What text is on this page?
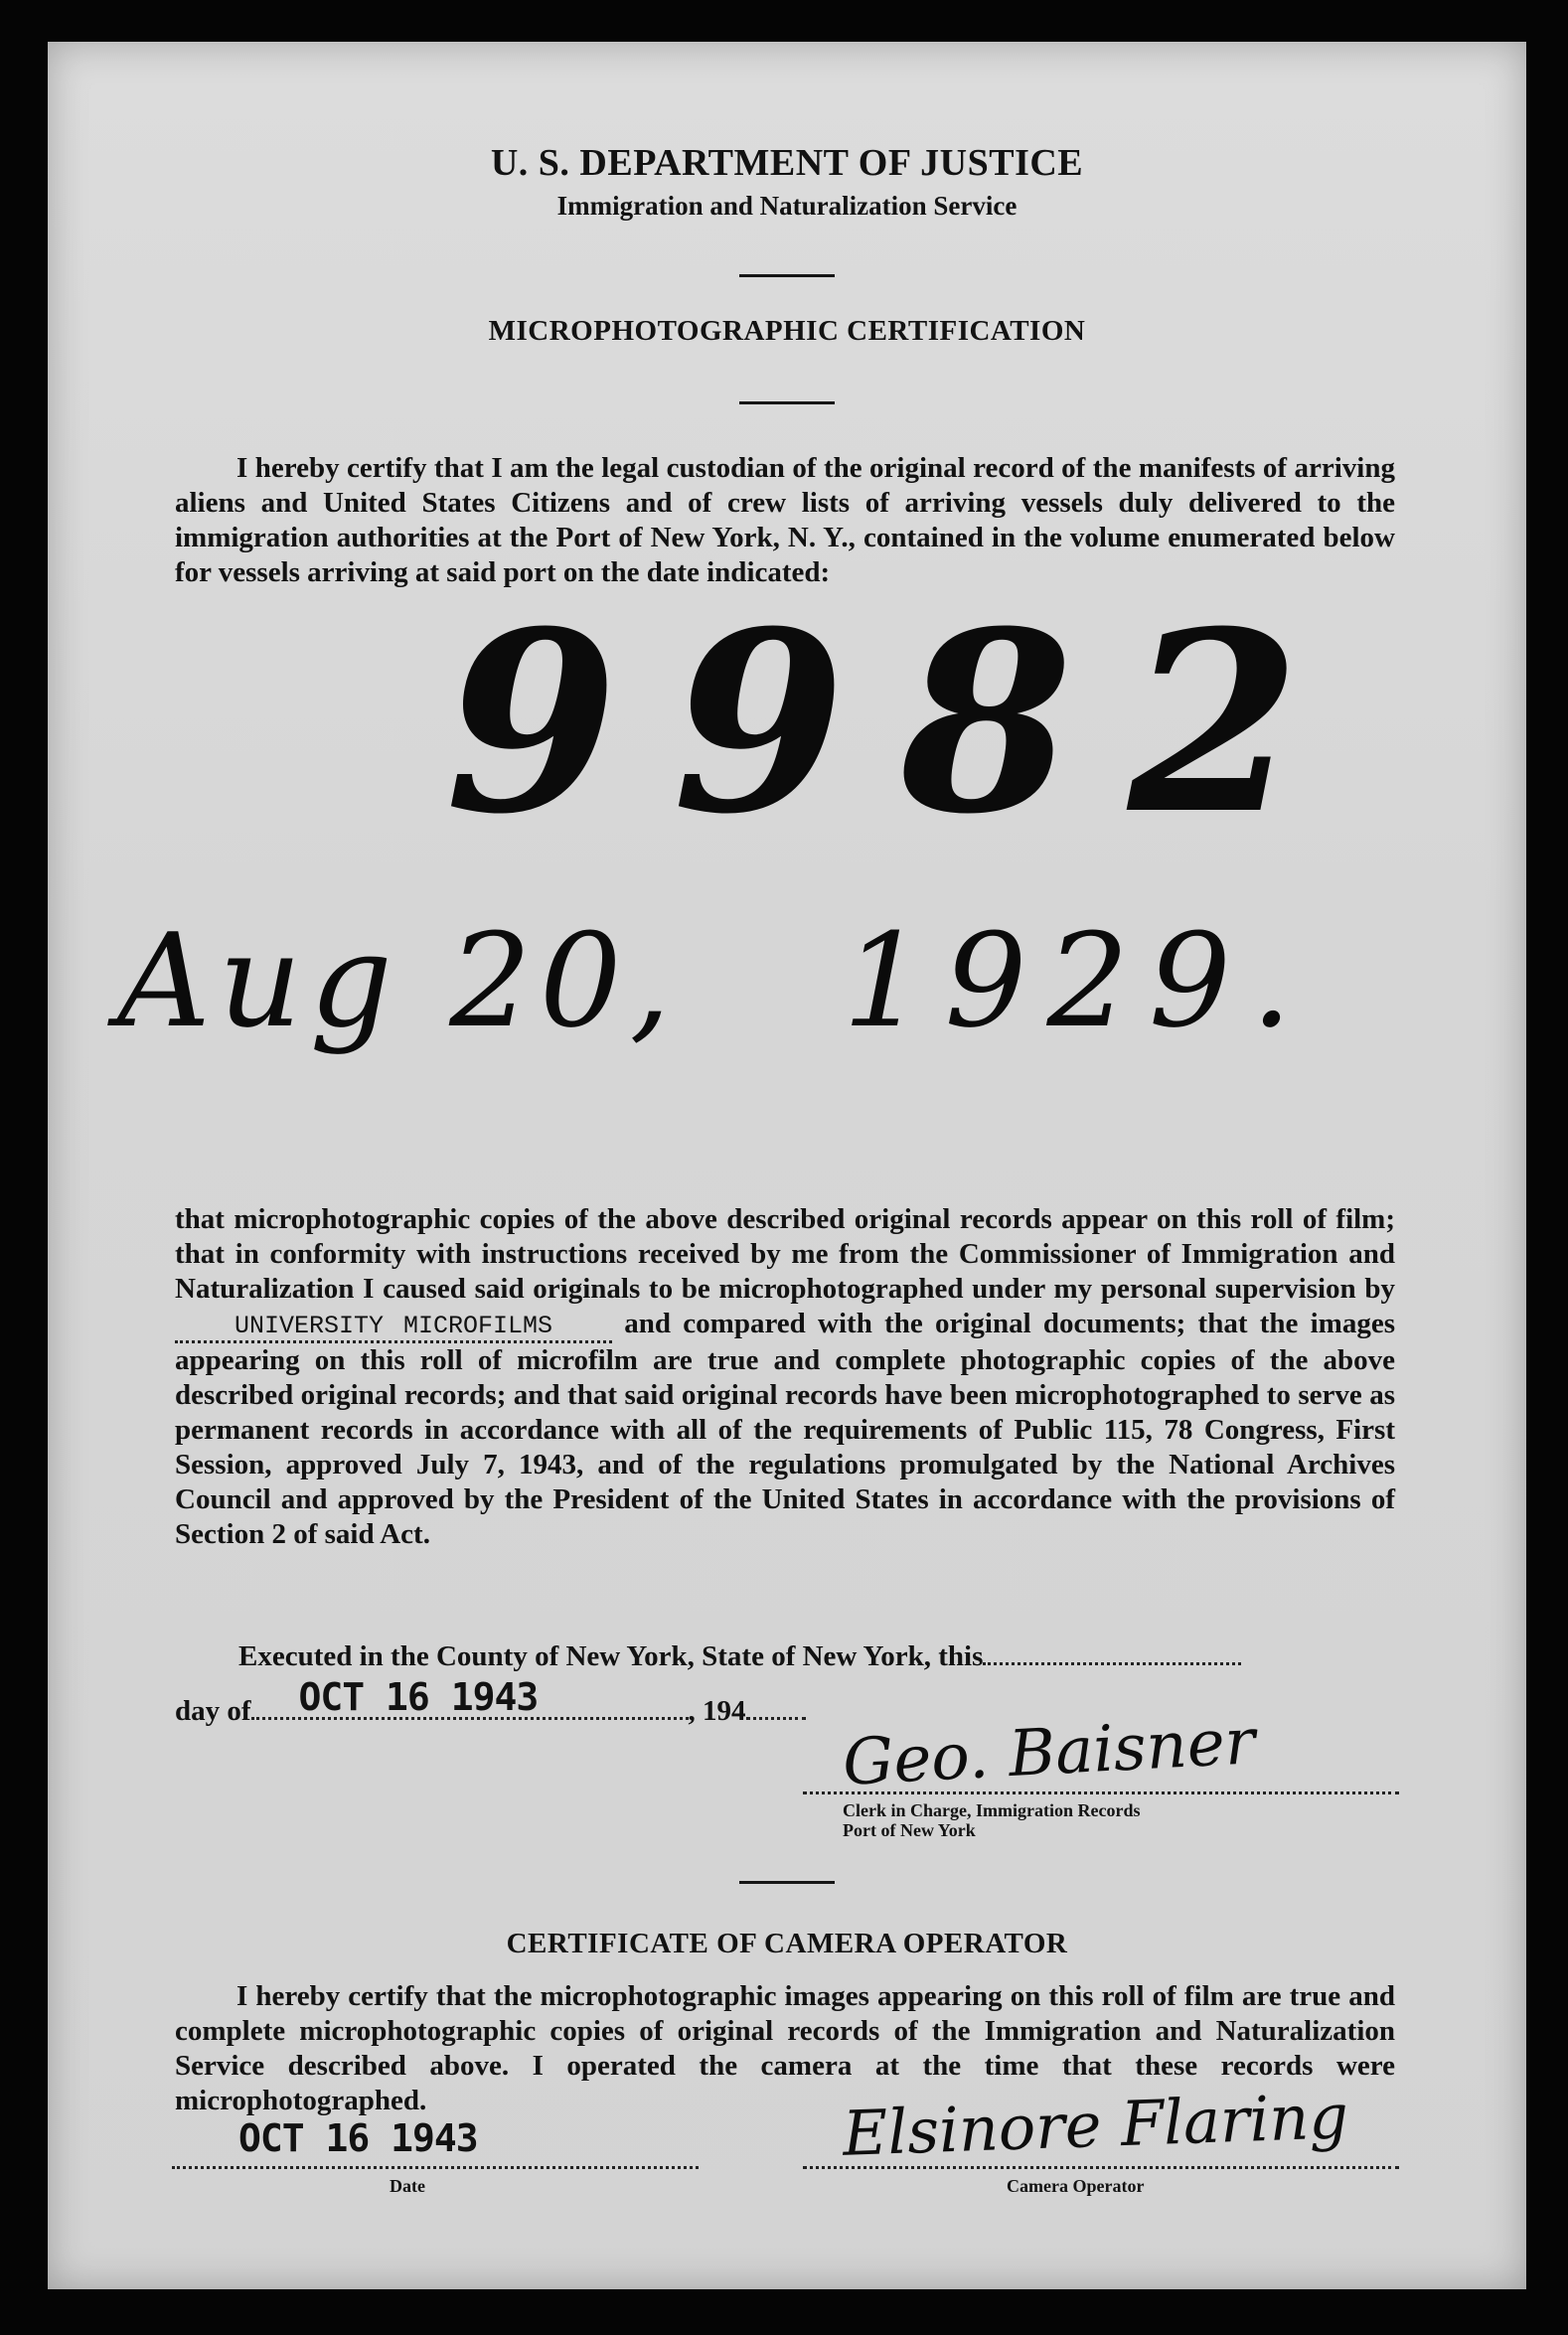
U. S. DEPARTMENT OF JUSTICE
Immigration and Naturalization Service
MICROPHOTOGRAPHIC CERTIFICATION
I hereby certify that I am the legal custodian of the original record of the manifests of arriving aliens and United States Citizens and of crew lists of arriving vessels duly delivered to the immigration authorities at the Port of New York, N. Y., contained in the volume enumerated below for vessels arriving at said port on the date indicated:
9982
Aug 20, 1929.
that microphotographic copies of the above described original records appear on this roll of film; that in conformity with instructions received by me from the Commissioner of Immigration and Naturalization I caused said originals to be microphotographed under my personal supervision by UNIVERSITY MICROFILMS and compared with the original documents; that the images appearing on this roll of microfilm are true and complete photographic copies of the above described original records; and that said original records have been microphotographed to serve as permanent records in accordance with all of the requirements of Public 115, 78 Congress, First Session, approved July 7, 1943, and of the regulations promulgated by the National Archives Council and approved by the President of the United States in accordance with the provisions of Section 2 of said Act.
Executed in the County of New York, State of New York, this
day of OCT 16 1943	, 194	Geo. Baisner
Clerk in Charge, Immigration Records
Port of New York
CERTIFICATE OF CAMERA OPERATOR
I hereby certify that the microphotographic images appearing on this roll of film are true and complete microphotographic copies of original records of the Immigration and Naturalization Service described above. I operated the camera at the time that these records were microphotographed.
OCT 16 1943
Date
Elsinore Flaring
Camera Operator
